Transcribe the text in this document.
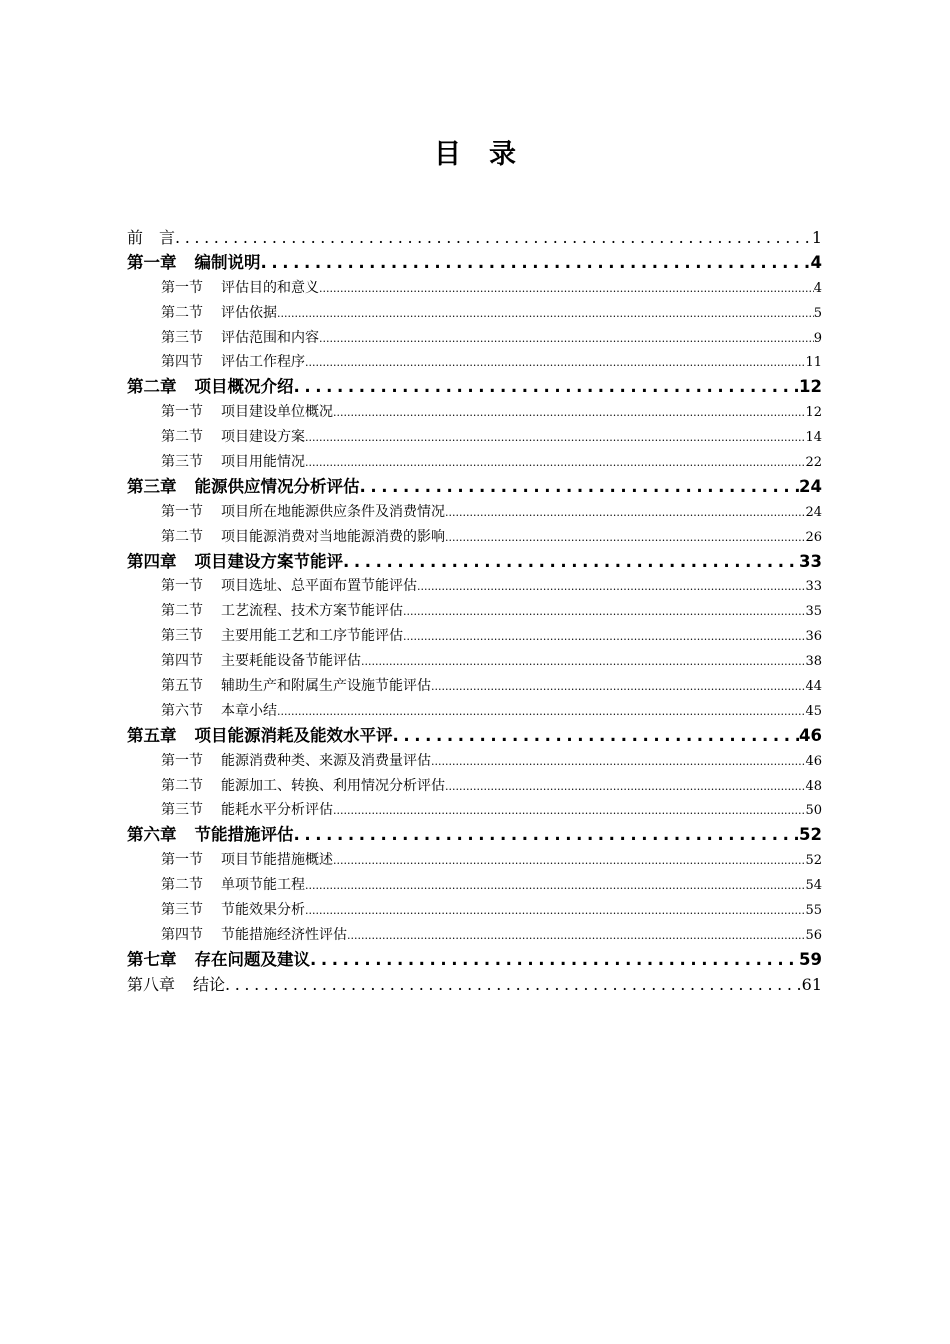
目录
前　言 .....	1
第一章 编制说明 .....	4
第一节 评估目的和意义 .....	4
第二节 评估依据 .....	5
第三节 评估范围和内容 .....	9
第四节 评估工作程序 .....	11
第二章 项目概况介绍 .....	12
第一节 项目建设单位概况 .....	12
第二节 项目建设方案 .....	14
第三节 项目用能情况 .....	22
第三章 能源供应情况分析评估 .....	24
第一节 项目所在地能源供应条件及消费情况 .....	24
第二节 项目能源消费对当地能源消费的影响 .....	26
第四章 项目建设方案节能评 .....	33
第一节 项目选址、总平面布置节能评估 .....	33
第二节 工艺流程、技术方案节能评估 .....	35
第三节 主要用能工艺和工序节能评估 .....	36
第四节 主要耗能设备节能评估 .....	38
第五节 辅助生产和附属生产设施节能评估 .....	44
第六节 本章小结 .....	45
第五章 项目能源消耗及能效水平评 .....	46
第一节 能源消费种类、来源及消费量评估 .....	46
第二节 能源加工、转换、利用情况分析评估 .....	48
第三节 能耗水平分析评估 .....	50
第六章 节能措施评估 .....	52
第一节 项目节能措施概述 .....	52
第二节 单项节能工程 .....	54
第三节 节能效果分析 .....	55
第四节 节能措施经济性评估 .....	56
第七章 存在问题及建议 .....	59
第八章 结论 .....	61
